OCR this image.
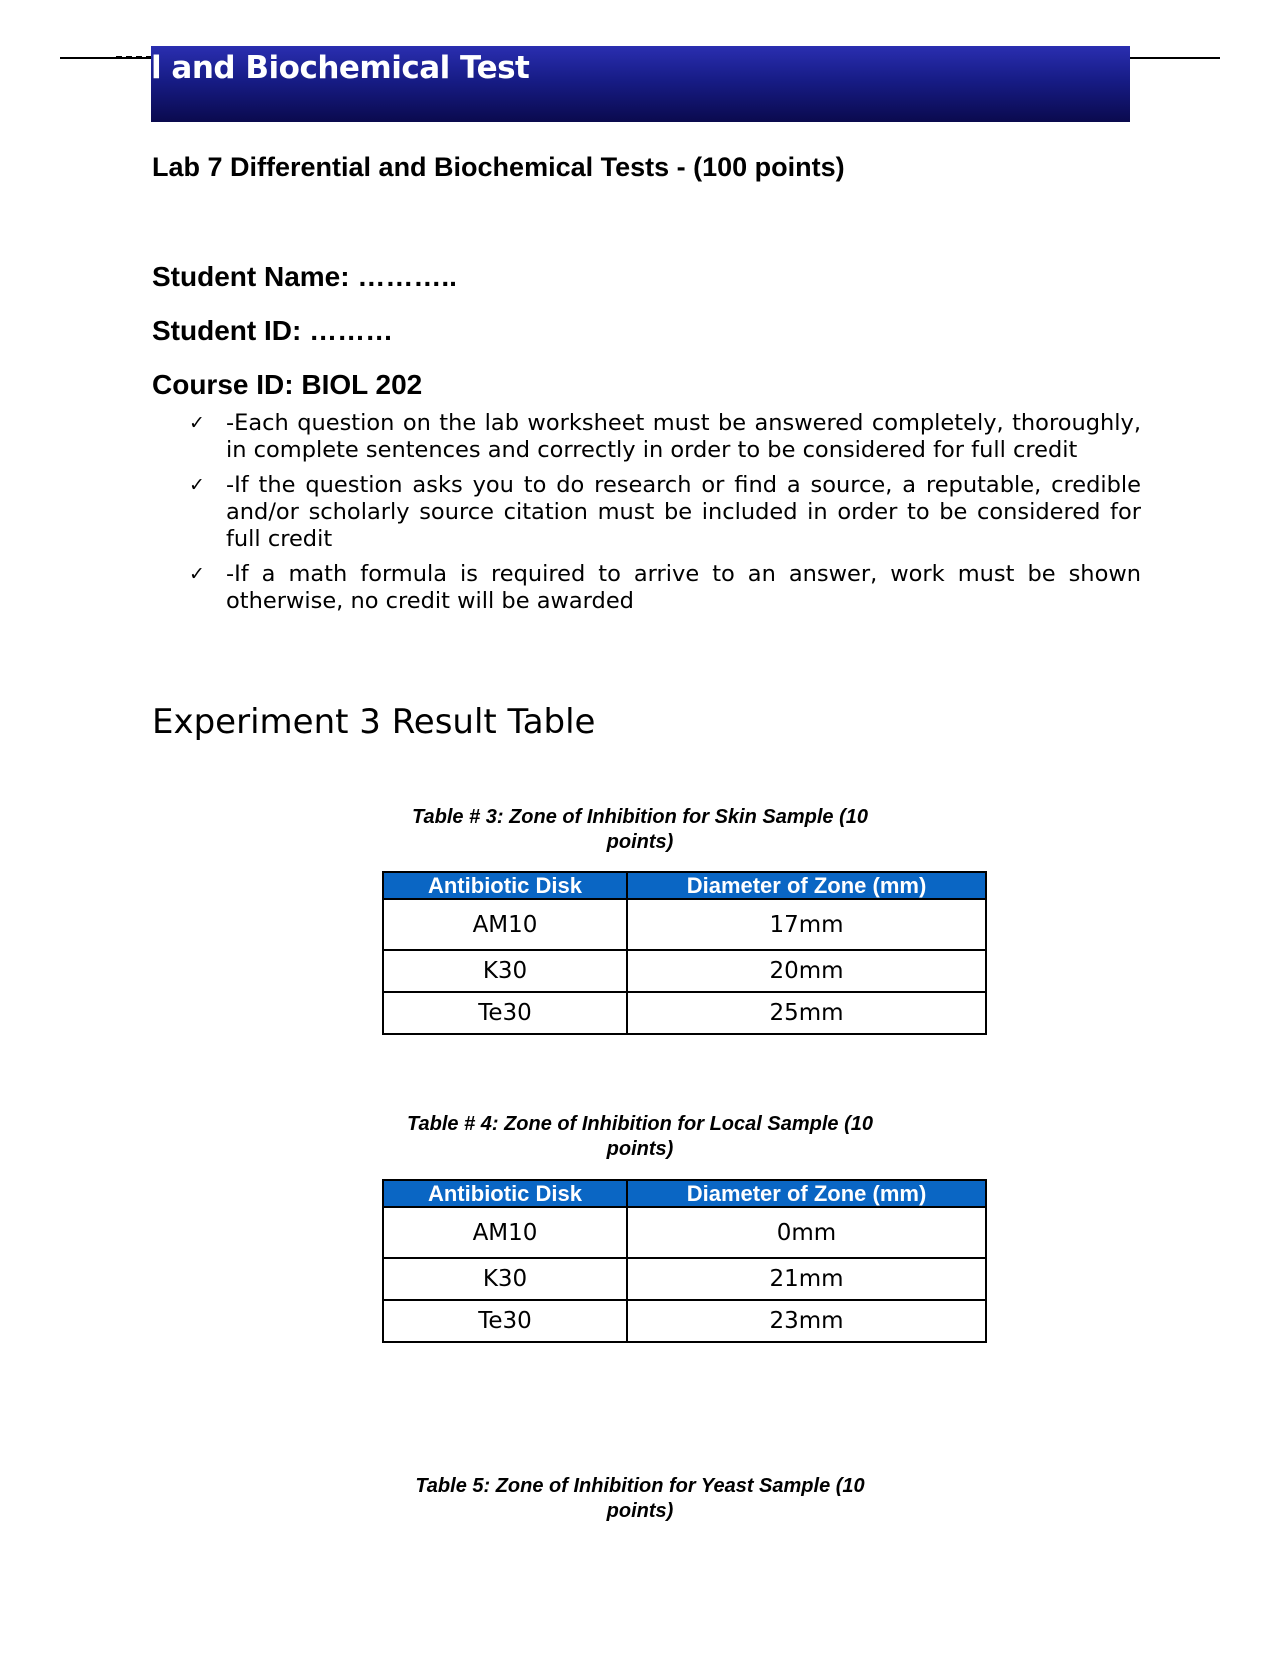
l and Biochemical Test
Lab 7 Differential and Biochemical Tests - (100 points)
Student Name: ………..
Student ID: ………
Course ID: BIOL 202
✓ -Each question on the lab worksheet must be answered completely, thoroughly, in complete sentences and correctly in order to be considered for full credit
✓ -If the question asks you to do research or find a source, a reputable, credible and/or scholarly source citation must be included in order to be considered for full credit
✓ -If a math formula is required to arrive to an answer, work must be shown otherwise, no credit will be awarded
Experiment 3 Result Table
Table # 3: Zone of Inhibition for Skin Sample (10 points)
Antibiotic Disk	Diameter of Zone (mm)
AM10	17mm
K30	20mm
Te30	25mm
Table # 4: Zone of Inhibition for Local Sample (10 points)
Antibiotic Disk	Diameter of Zone (mm)
AM10	0mm
K30	21mm
Te30	23mm
Table 5: Zone of Inhibition for Yeast Sample (10 points)
